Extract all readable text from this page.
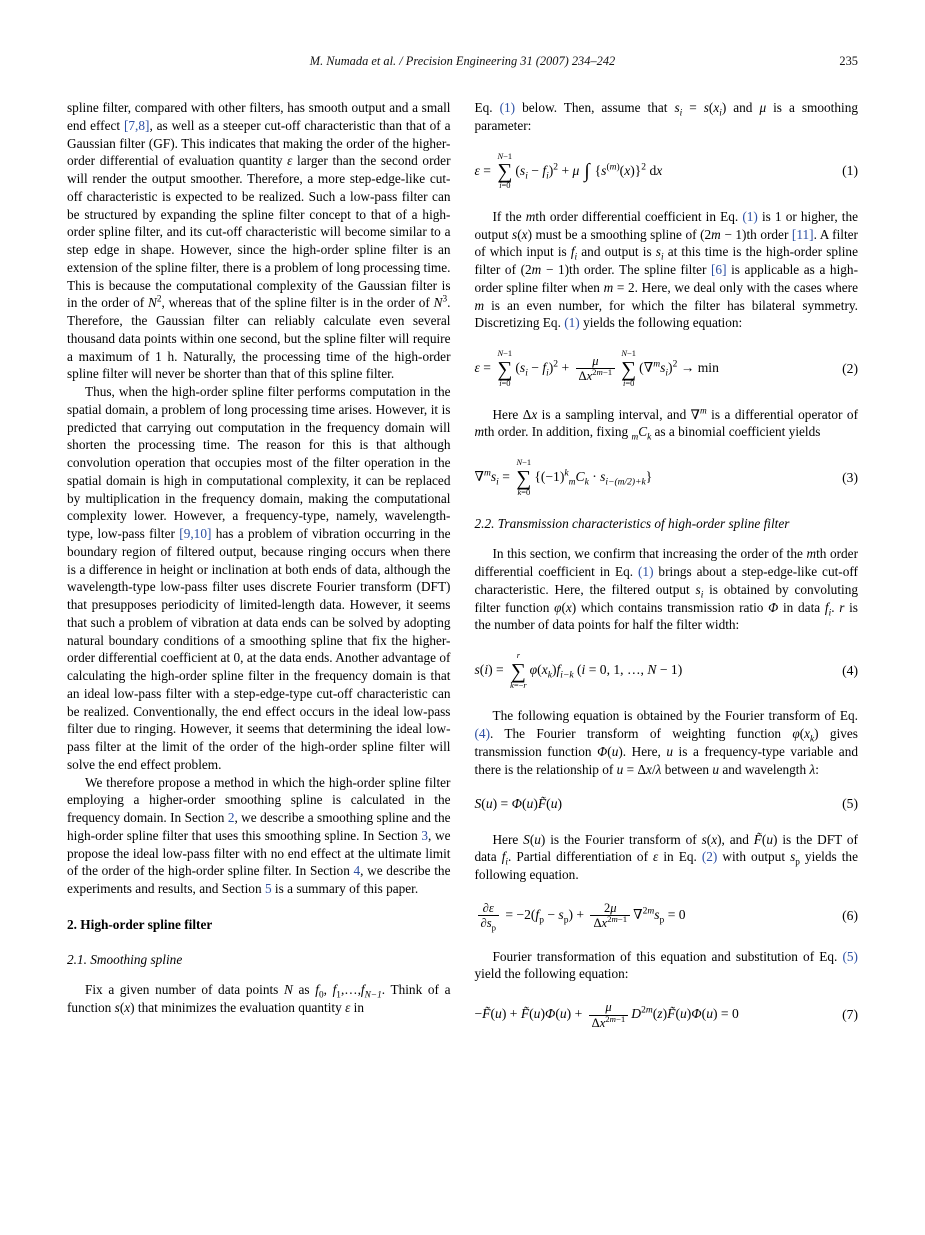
M. Numada et al. / Precision Engineering 31 (2007) 234–242	235

spline filter, compared with other filters, has smooth output and a small end effect [7,8], as well as a steeper cut-off characteristic than that of a Gaussian filter (GF). This indicates that making the order of the higher-order differential of evaluation quantity ε larger than the second order will render the output smoother. Therefore, a more step-edge-like cut-off characteristic is expected to be realized. Such a low-pass filter can be structured by expanding the spline filter concept to that of a high-order spline filter, and its cut-off characteristic will become similar to a step edge in shape. However, since the high-order spline filter is an extension of the spline filter, there is a problem of long processing time. This is because the computational complexity of the Gaussian filter is in the order of $N^2$, whereas that of the spline filter is in the order of $N^3$. Therefore, the Gaussian filter can reliably calculate even several thousand data points within one second, but the spline filter will require a maximum of 1 h. Naturally, the processing time of the high-order spline filter will never be shorter than that of this spline filter.

Thus, when the high-order spline filter performs computation in the spatial domain, a problem of long processing time arises. However, it is predicted that carrying out computation in the frequency domain will shorten the processing time. The reason for this is that although convolution operation that occupies most of the filter operation in the spatial domain is high in computational complexity, it can be replaced by multiplication in the frequency domain, making the computational complexity lower. However, a frequency-type, namely, wavelength-type, low-pass filter [9,10] has a problem of vibration occurring in the boundary region of filtered output, because ringing occurs when there is a difference in height or inclination at both ends of data, although the wavelength-type low-pass filter uses discrete Fourier transform (DFT) that presupposes periodicity of limited-length data. However, it seems that such a problem of vibration at data ends can be solved by adopting natural boundary conditions of a smoothing spline that fix the higher-order differential coefficient at 0, at the data ends. Another advantage of calculating the high-order spline filter in the frequency domain is that an ideal low-pass filter with a step-edge-type cut-off characteristic can be realized. Conventionally, the end effect occurs in the ideal low-pass filter due to ringing. However, it seems that determining the ideal low-pass filter at the limit of the order of the high-order spline filter will solve the end effect problem.

We therefore propose a method in which the high-order spline filter employing a higher-order smoothing spline is calculated in the frequency domain. In Section 2, we describe a smoothing spline and the high-order spline filter that uses this smoothing spline. In Section 3, we propose the ideal low-pass filter with no end effect at the ultimate limit of the order of the high-order spline filter. In Section 4, we describe the experiments and results, and Section 5 is a summary of this paper.

2. High-order spline filter
2.1. Smoothing spline

Fix a given number of data points N as $f_0$, $f_1,\dots,f_{N-1}$. Think of a function s(x) that minimizes the evaluation quantity ε in

Eq. (1) below. Then, assume that $s_i = s(x_i)$ and μ is a smoothing parameter:

ε =
N−1
∑
i=0
$(s_i - f_i)^2 + \mu$ ∫ $\{s^{(m)}(x)\}^2$ dx	(1)

If the mth order differential coefficient in Eq. (1) is 1 or higher, the output s(x) must be a smoothing spline of (2m − 1)th order [11]. A filter of which input is $f_i$ and output is $s_i$ at this time is the high-order spline filter of (2m − 1)th order. The spline filter [6] is applicable as a high-order spline filter when m = 2. Here, we deal only with the cases where m is an even number, for which the filter has bilateral symmetry. Discretizing Eq. (1) yields the following equation:

ε =
N−1
∑
i=0
$(s_i - f_i)^2 + \frac{\mu}{\Delta x^{2m-1}}$
N−1
∑
i=0
$(\nabla^ms_i)^2 \to \min$	(2)

Here Δx is a sampling interval, and ∇$^m$ is a differential operator of mth order. In addition, fixing $_mC_k$ as a binomial coefficient yields

$\nabla^ms_i$ =
N−1
∑
k=0
$\{(-1)^k_mC_k \cdot s_{i-(m/2)+k}\}$	(3)
2.2. Transmission characteristics of high-order spline filter

In this section, we confirm that increasing the order of the mth order differential coefficient in Eq. (1) brings about a step-edge-like cut-off characteristic. Here, the filtered output $s_i$ is obtained by convoluting filter function φ(x) which contains transmission ratio Φ in data $f_i$. r is the number of data points for half the filter width:

s(i) =
r
∑
k=−r
$\varphi(x_k)f_{i-k}$ (i = 0, 1, …, N − 1)	(4)

The following equation is obtained by the Fourier transform of Eq. (4). The Fourier transform of weighting function $\varphi(x_k)$ gives transmission function Φ(u). Here, u is a frequency-type variable and there is the relationship of u = Δx/λ between u and wavelength λ:

S(u) = Φ(u)F̃(u)	(5)

Here S(u) is the Fourier transform of s(x), and F̃(u) is the DFT of data $f_i$. Partial differentiation of ε in Eq. (2) with output $s_p$ yields the following equation.

$\frac{\partial\varepsilon}{\partial s_p} = -2(f_p - s_p) + \frac{2\mu}{\Delta x^{2m-1}} \nabla^{2m}s_p = 0$	(6)

Fourier transformation of this equation and substitution of Eq. (5) yield the following equation:

−F̃(u) + F̃(u)Φ(u) + $\frac{\mu}{\Delta x^{2m-1}}$ $D^{2m}(z)F̃(u)\Phi(u) = 0$	(7)
